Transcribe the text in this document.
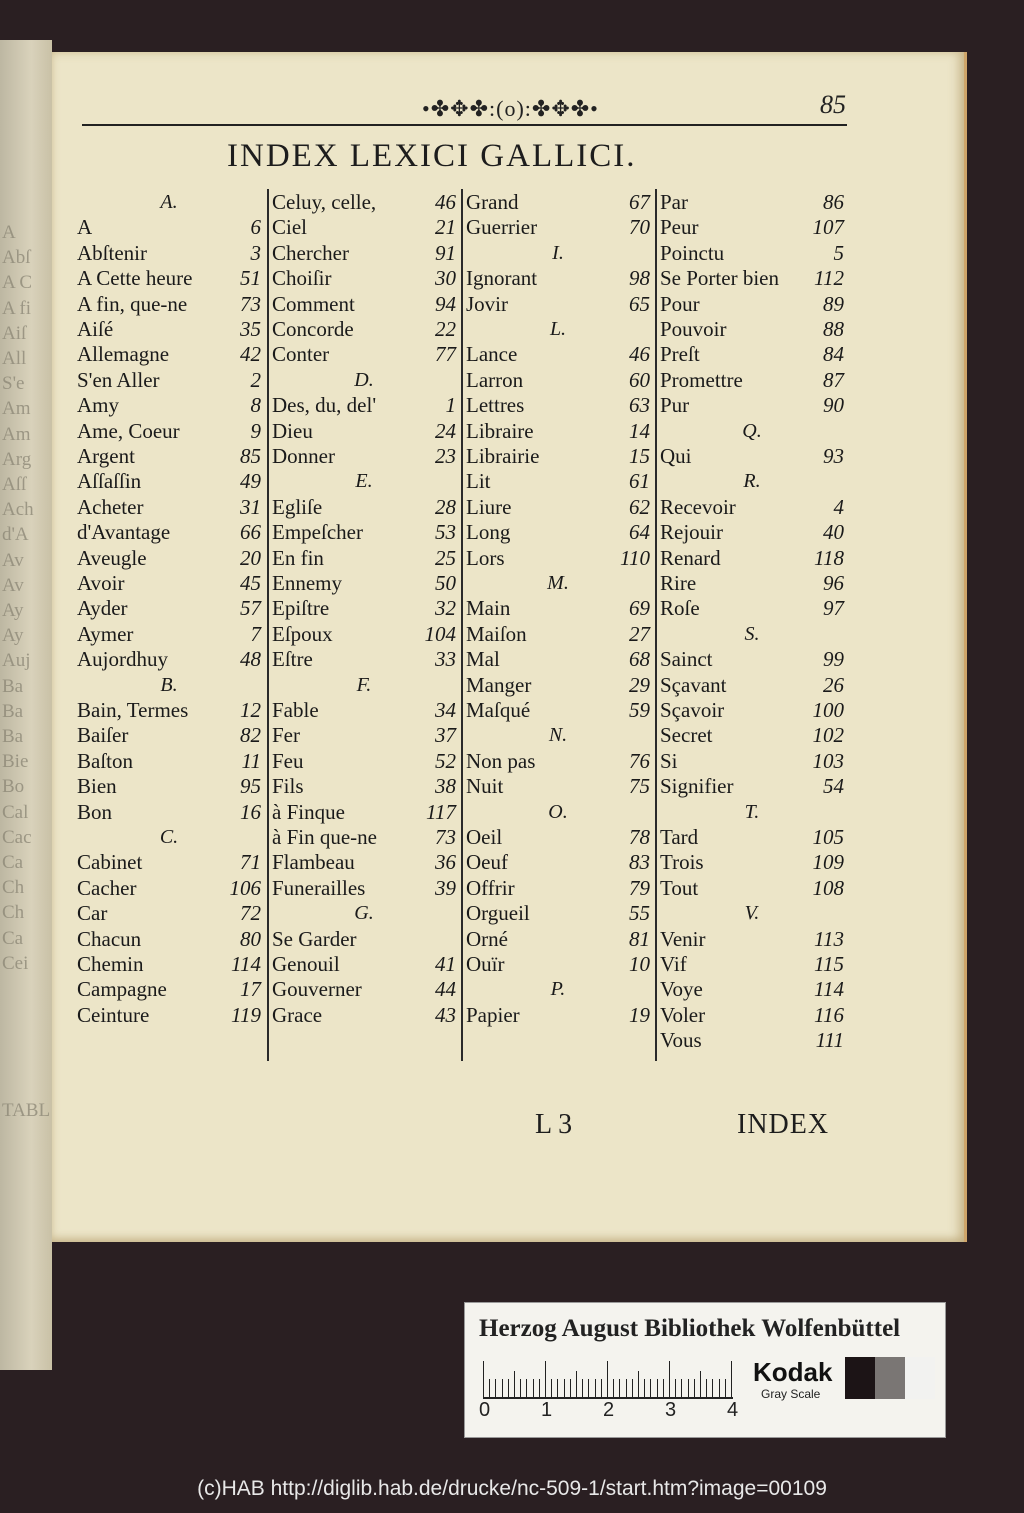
A
Abſ
A C
A fi
Aiſ
All
S'e
Am
Am
Arg
Aſſ
Ach
d'A
Av
Av
Ay
Ay
Auj
Ba
Ba
Ba
Bie
Bo
Cal
Cac
Ca
Ch
Ch
Ca
Cei
TABL
•✤✥✤:(o):✤✥✤•	85
INDEX LEXICI GALLICI.
A.
A	6
Abſtenir	3
A Cette heure 51
A fin, que-ne	73
Aiſé	35
Allemagne	42
S'en Aller	2
Amy	8
Ame, Coeur	9
Argent	85
Aſſaſſin	49
Acheter	31
d'Avantage	66
Aveugle	20
Avoir	45
Ayder	57
Aymer	7
Aujordhuy	48
B.
Bain, Termes 12
Baiſer	82
Baſton	11
Bien	95
Bon	16
C.
Cabinet	71
Cacher	106
Car	72
Chacun	80
Chemin	114
Campagne	17
Ceinture	119
Celuy, celle,	46
Ciel	21
Chercher	91
Choiſir	30
Comment	94
Concorde	22
Conter	77
D.
Des, du, del'	1
Dieu	24
Donner	23
E.
Egliſe	28
Empeſcher	53
En fin	25
Ennemy	50
Epiſtre	32
Eſpoux	104
Eſtre	33
F.
Fable	34
Fer	37
Feu	52
Fils	38
à Finque	117
à Fin que-ne	73
Flambeau	36
Funerailles	39
G.
Se Garder
Genouil	41
Gouverner	44
Grace	43
Grand	67
Guerrier	70
I.
Ignorant	98
Jovir	65
L.
Lance	46
Larron	60
Lettres	63
Libraire	14
Librairie	15
Lit	61
Liure	62
Long	64
Lors	110
M.
Main	69
Maiſon	27
Mal	68
Manger	29
Maſqué	59
N.
Non pas	76
Nuit	75
O.
Oeil	78
Oeuf	83
Offrir	79
Orgueil	55
Orné	81
Ouïr	10
P.
Papier	19
Par	86
Peur	107
Poinctu	5
Se Porter bien 112
Pour	89
Pouvoir	88
Preſt	84
Promettre	87
Pur	90
Q.
Qui	93
R.
Recevoir	4
Rejouir	40
Renard	118
Rire	96
Roſe	97
S.
Sainct	99
Sçavant	26
Sçavoir	100
Secret	102
Si	103
Signifier	54
T.
Tard	105
Trois	109
Tout	108
V.
Venir	113
Vif	115
Voye	114
Voler	116
Vous	111
L 3	INDEX
Herzog August Bibliothek Wolfenbüttel
0	1	2	3	4
Kodak
Gray Scale
(c)HAB http://diglib.hab.de/drucke/nc-509-1/start.htm?image=00109
